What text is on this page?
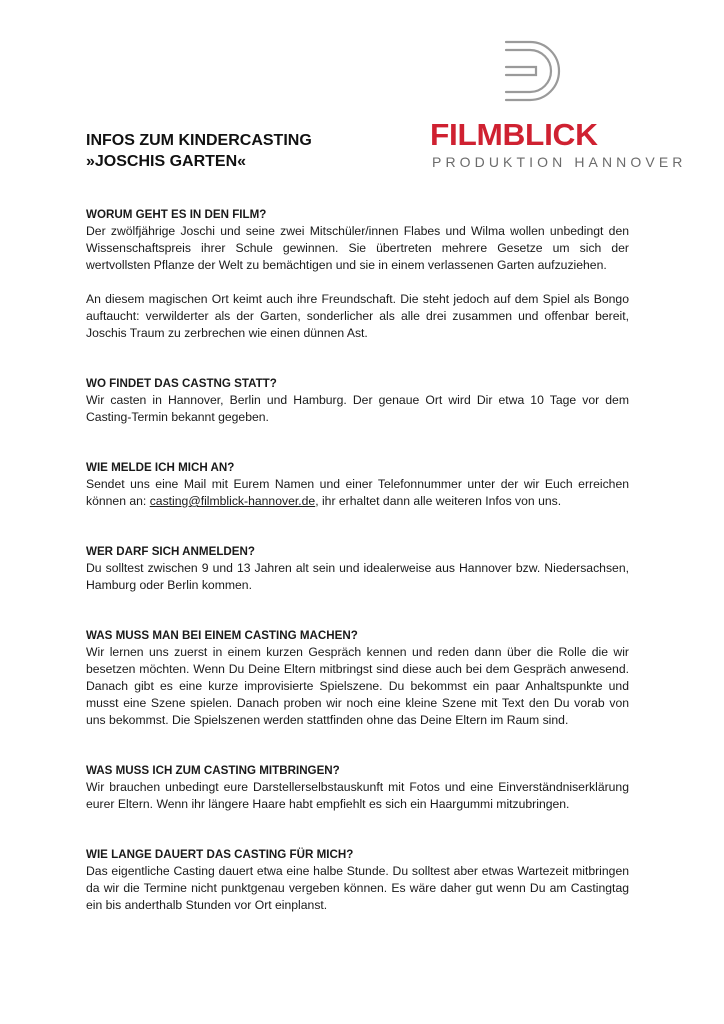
FILMBLICK
PRODUKTION HANNOVER
INFOS ZUM KINDERCASTING
»JOSCHIS GARTEN«

WORUM GEHT ES IN DEN FILM?

Der zwölfjährige Joschi und seine zwei Mitschüler/innen Flabes und Wilma wollen unbedingt den Wissenschaftspreis ihrer Schule gewinnen. Sie übertreten mehrere Gesetze um sich der wertvollsten Pflanze der Welt zu bemächtigen und sie in einem verlassenen Garten aufzuziehen.

An diesem magischen Ort keimt auch ihre Freundschaft. Die steht jedoch auf dem Spiel als Bongo auftaucht: verwilderter als der Garten, sonderlicher als alle drei zusammen und offenbar bereit, Joschis Traum zu zerbrechen wie einen dünnen Ast.

WO FINDET DAS CASTNG STATT?

Wir casten in Hannover, Berlin und Hamburg. Der genaue Ort wird Dir etwa 10 Tage vor dem Casting-Termin bekannt gegeben.

WIE MELDE ICH MICH AN?

Sendet uns eine Mail mit Eurem Namen und einer Telefonnummer unter der wir Euch erreichen können an: casting@filmblick-hannover.de, ihr erhaltet dann alle weiteren Infos von uns.

WER DARF SICH ANMELDEN?

Du solltest zwischen 9 und 13 Jahren alt sein und idealerweise aus Hannover bzw. Niedersachsen, Hamburg oder Berlin kommen.

WAS MUSS MAN BEI EINEM CASTING MACHEN?

Wir lernen uns zuerst in einem kurzen Gespräch kennen und reden dann über die Rolle die wir besetzen möchten. Wenn Du Deine Eltern mitbringst sind diese auch bei dem Gespräch anwesend. Danach gibt es eine kurze improvisierte Spielszene. Du bekommst ein paar Anhaltspunkte und musst eine Szene spielen. Danach proben wir noch eine kleine Szene mit Text den Du vorab von uns bekommst. Die Spielszenen werden stattfinden ohne das Deine Eltern im Raum sind.

WAS MUSS ICH ZUM CASTING MITBRINGEN?

Wir brauchen unbedingt eure Darstellerselbstauskunft mit Fotos und eine Einverständniserklärung eurer Eltern. Wenn ihr längere Haare habt empfiehlt es sich ein Haargummi mitzubringen.

WIE LANGE DAUERT DAS CASTING FÜR MICH?

Das eigentliche Casting dauert etwa eine halbe Stunde. Du solltest aber etwas Wartezeit mitbringen da wir die Termine nicht punktgenau vergeben können. Es wäre daher gut wenn Du am Castingtag ein bis anderthalb Stunden vor Ort einplanst.
